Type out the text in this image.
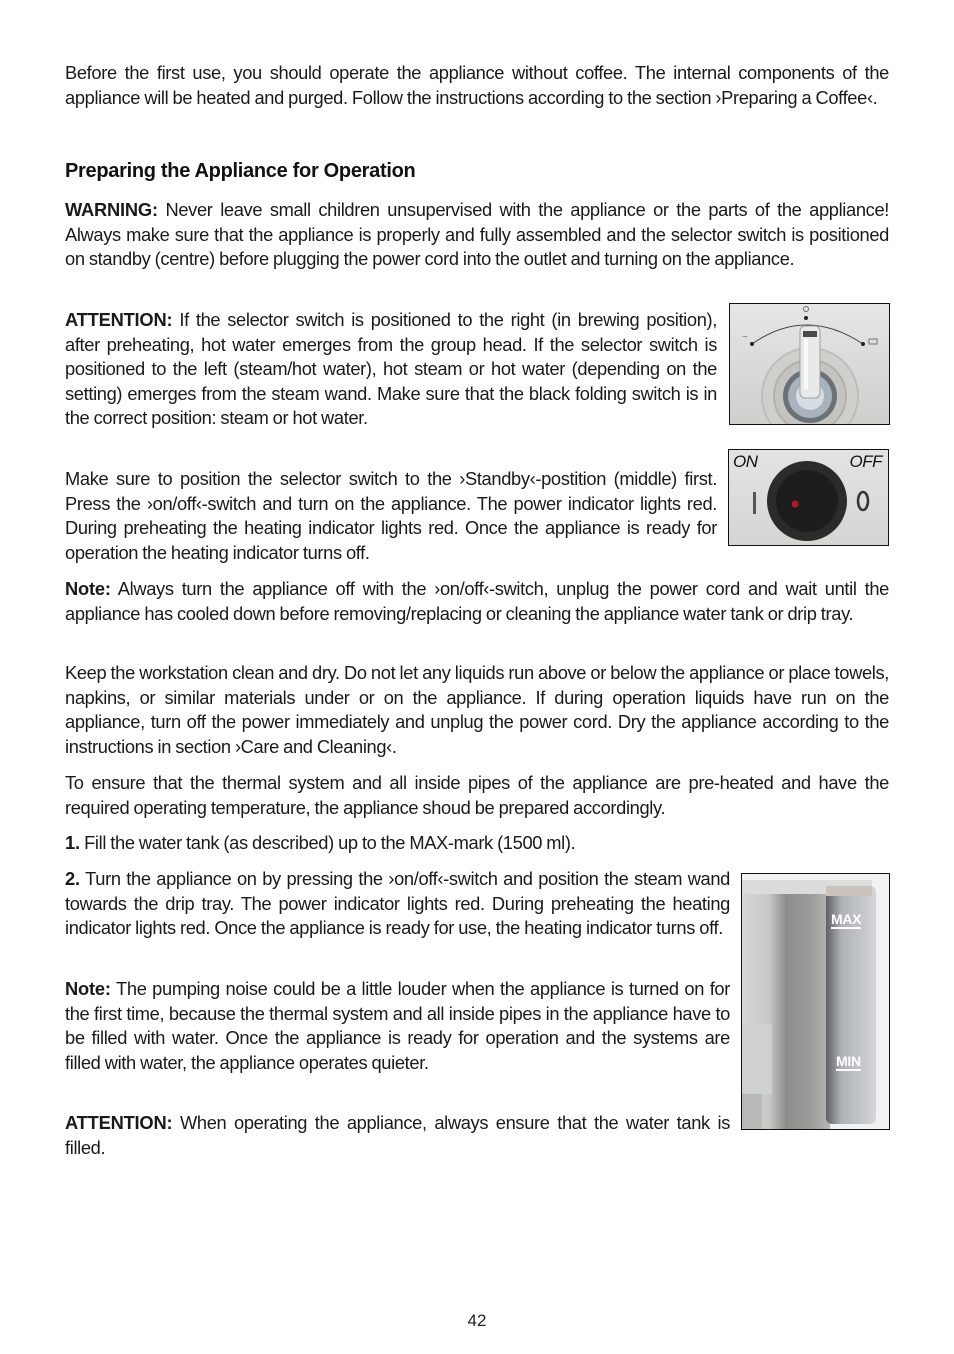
Before the first use, you should operate the appliance without coffee. The internal components of the appliance will be heated and purged. Follow the instructions according to the section ›Preparing a Coffee‹.

Preparing the Appliance for Operation

WARNING: Never leave small children unsupervised with the appliance or the parts of the appliance! Always make sure that the appliance is properly and fully assembled and the selector switch is positioned on standby (centre) before plugging the power cord into the outlet and turning on the appliance.

ATTENTION: If the selector switch is positioned to the right (in brewing position), after preheating, hot water emerges from the group head. If the selector switch is positioned to the left (steam/hot water), hot steam or hot water (depending on the setting) emerges from the steam wand. Make sure that the black folding switch is in the correct position: steam or hot water.

Make sure to position the selector switch to the ›Standby‹-postition (middle) first. Press the ›on/off‹-switch and turn on the appliance. The power indicator lights red. During preheating the heating indicator lights red. Once the appliance is ready for operation the heating indicator turns off.

Note: Always turn the appliance off with the ›on/off‹-switch, unplug the power cord and wait until the appliance has cooled down before removing/replacing or cleaning the appliance water tank or drip tray.

Keep the workstation clean and dry. Do not let any liquids run above or below the appliance or place towels, napkins, or similar materials under or on the appliance. If during operation liquids have run on the appliance, turn off the power immediately and unplug the power cord. Dry the appliance according to the instructions in section ›Care and Cleaning‹.

To ensure that the thermal system and all inside pipes of the appliance are pre-heated and have the required operating temperature, the appliance shoud be prepared accordingly.

1. Fill the water tank (as described) up to the MAX-mark (1500 ml).

2. Turn the appliance on by pressing the ›on/off‹-switch and position the steam wand towards the drip tray. The power indicator lights red. During preheating the heating indicator lights red. Once the appliance is ready for use, the heating indicator turns off.

Note: The pumping noise could be a little louder when the appliance is turned on for the first time, because the thermal system and all inside pipes in the appliance have to be filled with water. Once the appliance is ready for operation and the systems are filled with water, the appliance operates quieter.

ATTENTION: When operating the appliance, always ensure that the water tank is filled.

~
ON	OFF
MAX
MIN
42
